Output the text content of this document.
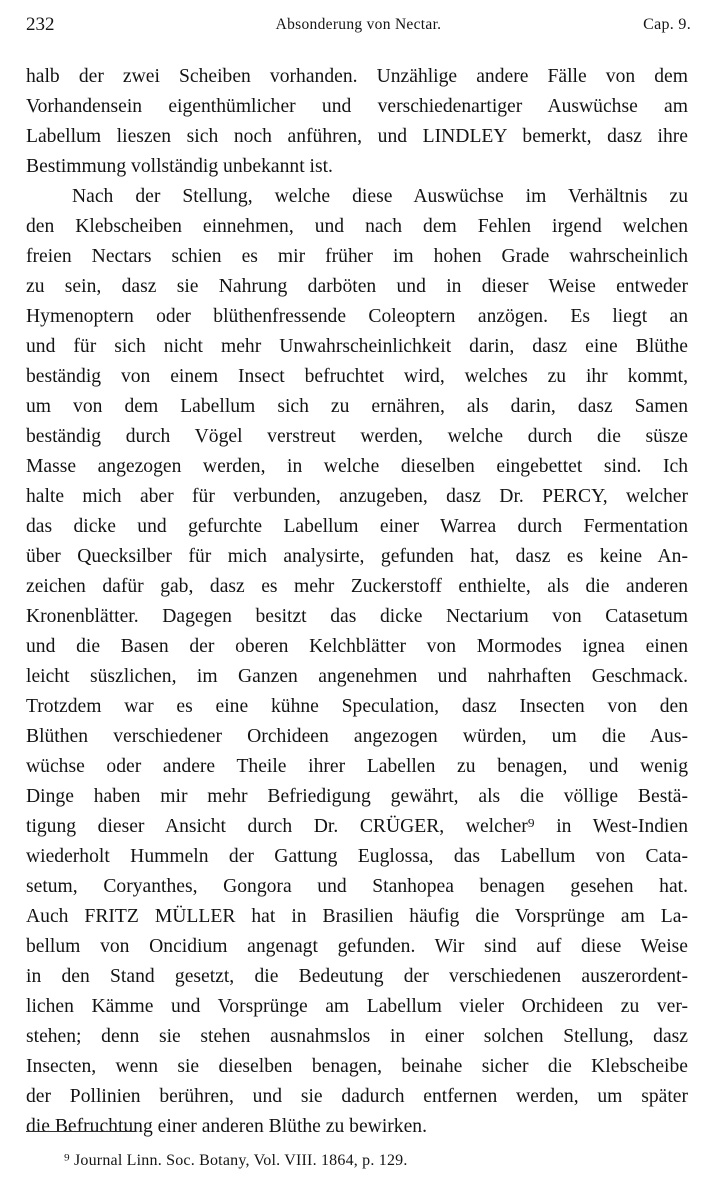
232	Absonderung von Nectar.	Cap. 9.
halb der zwei Scheiben vorhanden. Unzählige andere Fälle von dem
Vorhandensein eigenthümlicher und verschiedenartiger Auswüchse am
Labellum lieszen sich noch anführen, und LINDLEY bemerkt, dasz ihre
Bestimmung vollständig unbekannt ist.
Nach der Stellung, welche diese Auswüchse im Verhältnis zu
den Klebscheiben einnehmen, und nach dem Fehlen irgend welchen
freien Nectars schien es mir früher im hohen Grade wahrscheinlich
zu sein, dasz sie Nahrung darböten und in dieser Weise entweder
Hymenoptern oder blüthenfressende Coleoptern anzögen. Es liegt an
und für sich nicht mehr Unwahrscheinlichkeit darin, dasz eine Blüthe
beständig von einem Insect befruchtet wird, welches zu ihr kommt,
um von dem Labellum sich zu ernähren, als darin, dasz Samen
beständig durch Vögel verstreut werden, welche durch die süsze
Masse angezogen werden, in welche dieselben eingebettet sind. Ich
halte mich aber für verbunden, anzugeben, dasz Dr. PERCY, welcher
das dicke und gefurchte Labellum einer Warrea durch Fermentation
über Quecksilber für mich analysirte, gefunden hat, dasz es keine An-
zeichen dafür gab, dasz es mehr Zuckerstoff enthielte, als die anderen
Kronenblätter. Dagegen besitzt das dicke Nectarium von Catasetum
und die Basen der oberen Kelchblätter von Mormodes ignea einen
leicht süszlichen, im Ganzen angenehmen und nahrhaften Geschmack.
Trotzdem war es eine kühne Speculation, dasz Insecten von den
Blüthen verschiedener Orchideen angezogen würden, um die Aus-
wüchse oder andere Theile ihrer Labellen zu benagen, und wenig
Dinge haben mir mehr Befriedigung gewährt, als die völlige Bestä-
tigung dieser Ansicht durch Dr. CRÜGER, welcher⁹ in West-Indien
wiederholt Hummeln der Gattung Euglossa, das Labellum von Cata-
setum, Coryanthes, Gongora und Stanhopea benagen gesehen hat.
Auch FRITZ MÜLLER hat in Brasilien häufig die Vorsprünge am La-
bellum von Oncidium angenagt gefunden. Wir sind auf diese Weise
in den Stand gesetzt, die Bedeutung der verschiedenen auszerordent-
lichen Kämme und Vorsprünge am Labellum vieler Orchideen zu ver-
stehen; denn sie stehen ausnahmslos in einer solchen Stellung, dasz
Insecten, wenn sie dieselben benagen, beinahe sicher die Klebscheibe
der Pollinien berühren, und sie dadurch entfernen werden, um später
die Befruchtung einer anderen Blüthe zu bewirken.
⁹ Journal Linn. Soc. Botany, Vol. VIII. 1864, p. 129.
